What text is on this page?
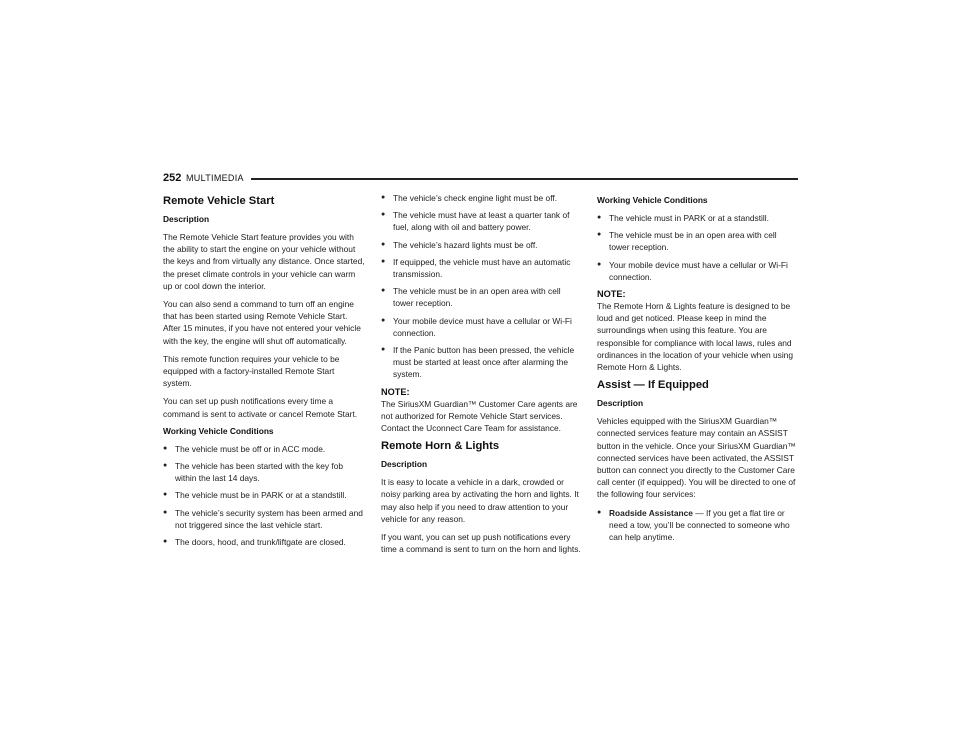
252 MULTIMEDIA
Remote Vehicle Start
Description

The Remote Vehicle Start feature provides you with the ability to start the engine on your vehicle without the keys and from virtually any distance. Once started, the preset climate controls in your vehicle can warm up or cool down the interior.

You can also send a command to turn off an engine that has been started using Remote Vehicle Start. After 15 minutes, if you have not entered your vehicle with the key, the engine will shut off automatically.

This remote function requires your vehicle to be equipped with a factory-installed Remote Start system.

You can set up push notifications every time a command is sent to activate or cancel Remote Start.

Working Vehicle Conditions
● The vehicle must be off or in ACC mode.
● The vehicle has been started with the key fob within the last 14 days.
● The vehicle must be in PARK or at a standstill.
● The vehicle’s security system has been armed and not triggered since the last vehicle start.
● The doors, hood, and trunk/liftgate are closed.
● The vehicle’s check engine light must be off.
● The vehicle must have at least a quarter tank of fuel, along with oil and battery power.
● The vehicle’s hazard lights must be off.
● If equipped, the vehicle must have an automatic transmission.
● The vehicle must be in an open area with cell tower reception.
● Your mobile device must have a cellular or Wi-Fi connection.
● If the Panic button has been pressed, the vehicle must be started at least once after alarming the system.
NOTE:

The SiriusXM Guardian™ Customer Care agents are not authorized for Remote Vehicle Start services. Contact the Uconnect Care Team for assistance.

Remote Horn & Lights
Description

It is easy to locate a vehicle in a dark, crowded or noisy parking area by activating the horn and lights. It may also help if you need to draw attention to your vehicle for any reason.

If you want, you can set up push notifications every time a command is sent to turn on the horn and lights.

Working Vehicle Conditions
● The vehicle must in PARK or at a standstill.
● The vehicle must be in an open area with cell tower reception.
● Your mobile device must have a cellular or Wi-Fi connection.
NOTE:

The Remote Horn & Lights feature is designed to be loud and get noticed. Please keep in mind the surroundings when using this feature. You are responsible for compliance with local laws, rules and ordinances in the location of your vehicle when using Remote Horn & Lights.

Assist — If Equipped
Description

Vehicles equipped with the SiriusXM Guardian™ connected services feature may contain an ASSIST button in the vehicle. Once your SiriusXM Guardian™ connected services have been activated, the ASSIST button can connect you directly to the Customer Care call center (if equipped). You will be directed to one of the following four services:

● Roadside Assistance — If you get a flat tire or need a tow, you’ll be connected to someone who can help anytime.
